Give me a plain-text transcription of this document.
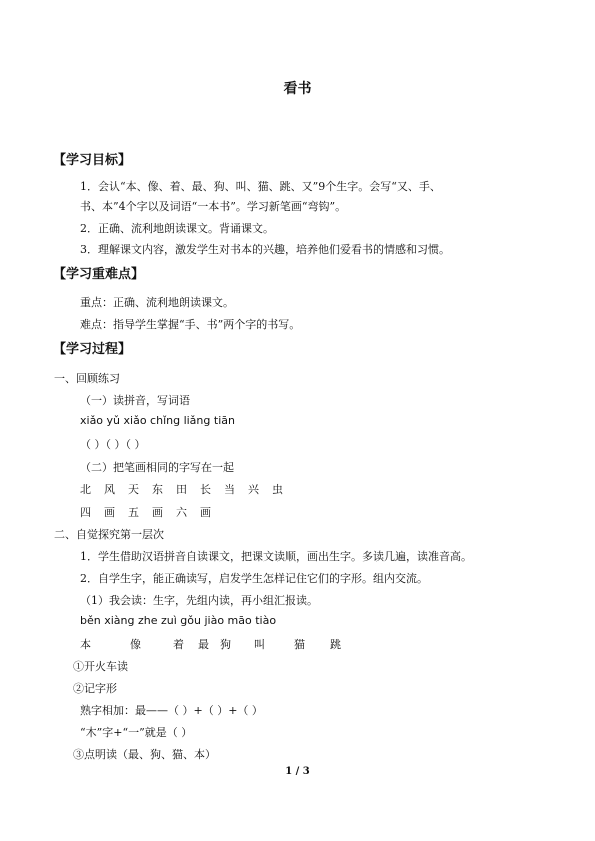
看书
【学习目标】
1．会认“本、像、着、最、狗、叫、猫、跳、又”9个生字。会写“又、手、
书、本”4个字以及词语“一本书”。学习新笔画“弯钩”。
2．正确、流利地朗读课文。背诵课文。
3．理解课文内容，激发学生对书本的兴趣，培养他们爱看书的情感和习惯。
【学习重难点】
重点：正确、流利地朗读课文。
难点：指导学生掌握“手、书”两个字的书写。
【学习过程】
一、回顾练习
（一）读拼音，写词语
xiǎo yǔ xiǎo chǐng liǎng tiān
（ ）（ ）（ ）
（二）把笔画相同的字写在一起
北	风	天	东	田	长	当	兴	虫
四	画	五	画	六	画
二、自觉探究第一层次
1．学生借助汉语拼音自读课文，把课文读顺，画出生字。多读几遍，读准音高。
2．自学生字，能正确读写，启发学生怎样记住它们的字形。组内交流。
（1）我会读：生字，先组内读，再小组汇报读。
běn xiàng zhe zuì gǒu jiào māo tiào
本	像	着	最	狗	叫	猫	跳
①开火车读
②记字形
熟字相加：最——（ ）+（ ）+（ ）
“木”字+“一”就是（ ）
③点明读（最、狗、猫、本）
1 / 3
